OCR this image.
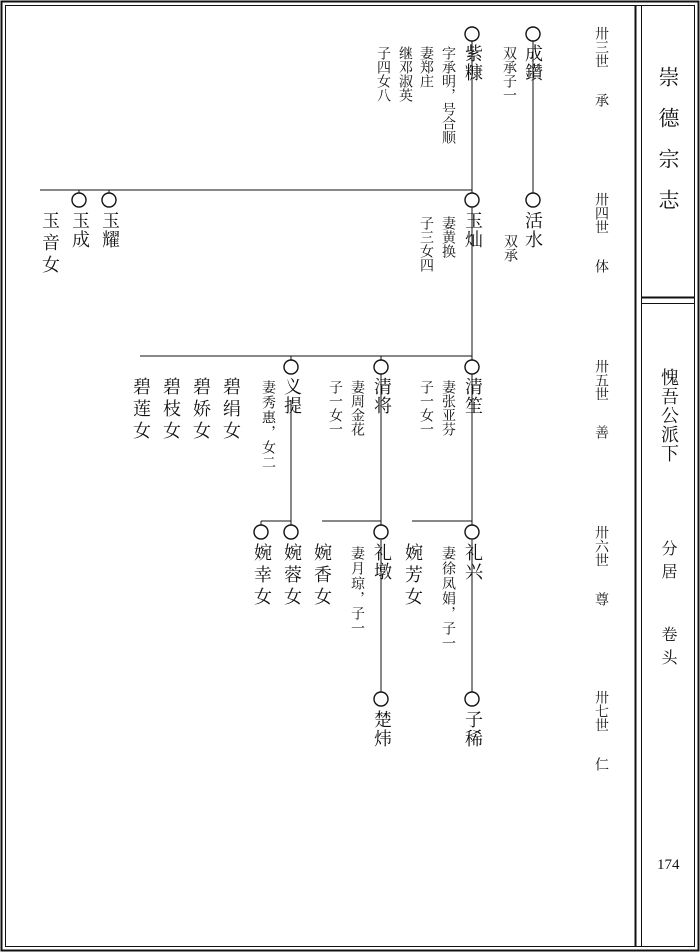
崇德宗志
愧吾公派下
分居
卷头
174
卅三世
承
卅四世
体
卅五世
善
卅六世
尊
卅七世
仁
成鑽
双承子一
紫糠
字承明，号合顺
妻郑庄
继邓淑英
子四女八
活水
双承
玉灿
妻黄换
子三女四
玉耀
玉成
玉音女
清笙
妻张亚芬
子一女一
清将
妻周金花
子一女一
义提
妻秀惠，女二
碧绢女
碧娇女
碧枝女
碧莲女
礼兴
妻徐凤娟，子一
婉芳女
礼墩
妻月琼，子一
婉香女
婉蓉女
婉幸女
子稀
楚炜
